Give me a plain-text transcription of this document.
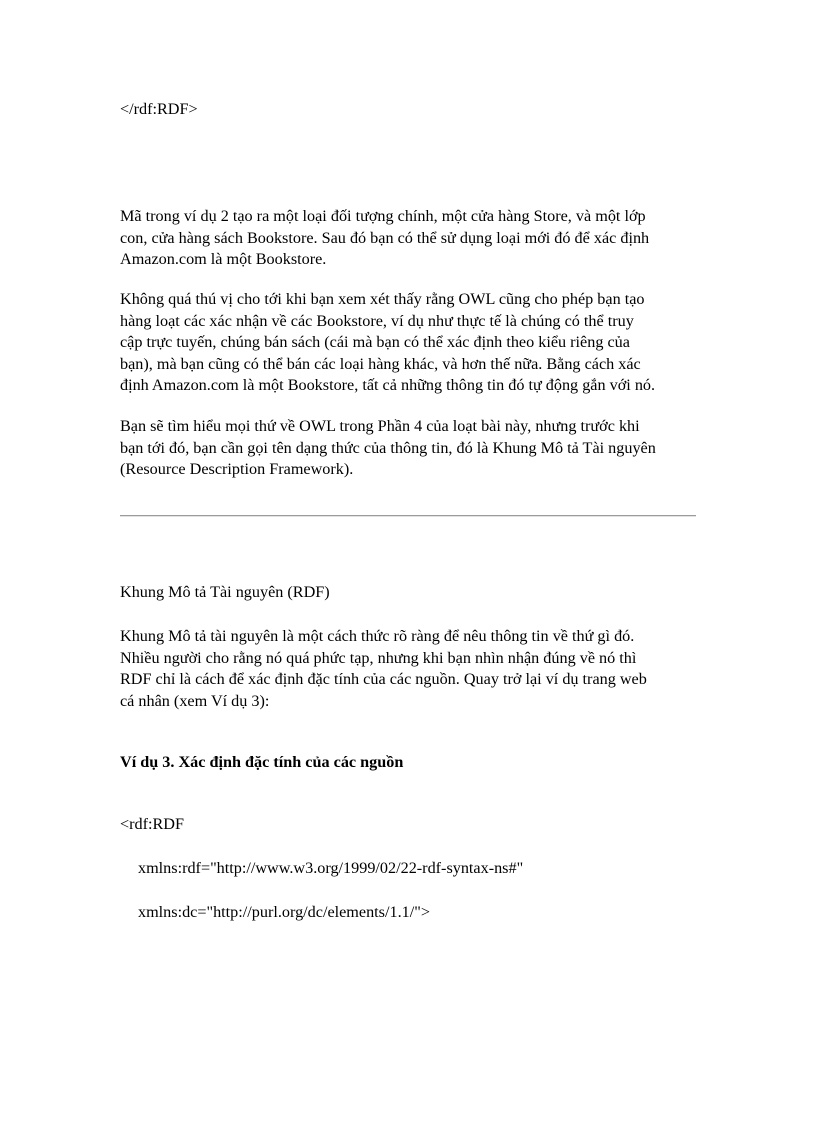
</rdf:RDF>

Mã trong ví dụ 2 tạo ra một loại đối tượng chính, một cửa hàng Store, và một lớp
con, cửa hàng sách Bookstore. Sau đó bạn có thể sử dụng loại mới đó để xác định
Amazon.com là một Bookstore.
Không quá thú vị cho tới khi bạn xem xét thấy rằng OWL cũng cho phép bạn tạo
hàng loạt các xác nhận về các Bookstore, ví dụ như thực tế là chúng có thể truy
cập trực tuyến, chúng bán sách (cái mà bạn có thể xác định theo kiểu riêng của
bạn), mà bạn cũng có thể bán các loại hàng khác, và hơn thế nữa. Bằng cách xác
định Amazon.com là một Bookstore, tất cả những thông tin đó tự động gắn với nó.
Bạn sẽ tìm hiểu mọi thứ về OWL trong Phần 4 của loạt bài này, nhưng trước khi
bạn tới đó, bạn cần gọi tên dạng thức của thông tin, đó là Khung Mô tả Tài nguyên
(Resource Description Framework).

Khung Mô tả Tài nguyên (RDF)

Khung Mô tả tài nguyên là một cách thức rõ ràng để nêu thông tin về thứ gì đó.
Nhiều người cho rằng nó quá phức tạp, nhưng khi bạn nhìn nhận đúng về nó thì
RDF chỉ là cách để xác định đặc tính của các nguồn. Quay trở lại ví dụ trang web
cá nhân (xem Ví dụ 3):

Ví dụ 3. Xác định đặc tính của các nguồn

<rdf:RDF

xmlns:rdf="http://www.w3.org/1999/02/22-rdf-syntax-ns#"

xmlns:dc="http://purl.org/dc/elements/1.1/">
